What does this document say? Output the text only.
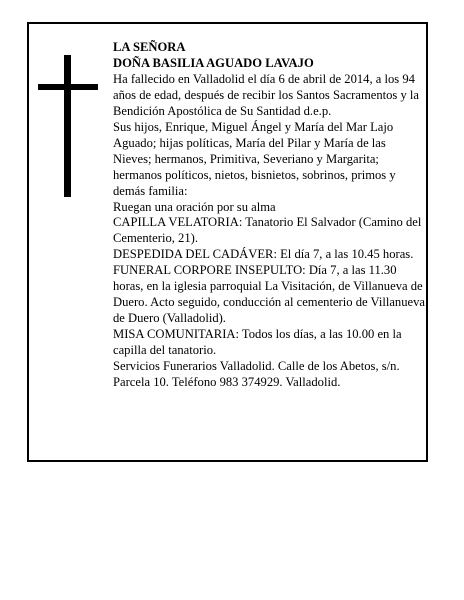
LA SEÑORA

DOÑA BASILIA AGUADO LAVAJO

Ha fallecido en Valladolid el día 6 de abril de 2014, a los 94 años de edad, después de recibir los Santos Sacramentos y la Bendición Apostólica de Su Santidad d.e.p.

Sus hijos, Enrique, Miguel Ángel y María del Mar Lajo Aguado; hijas políticas, María del Pilar y María de las Nieves; hermanos, Primitiva, Severiano y Margarita; hermanos políticos, nietos, bisnietos, sobrinos, primos y demás familia:

Ruegan una oración por su alma

CAPILLA VELATORIA: Tanatorio El Salvador (Camino del Cementerio, 21).

DESPEDIDA DEL CADÁVER: El día 7, a las 10.45 horas.

FUNERAL CORPORE INSEPULTO: Día 7, a las 11.30 horas, en la iglesia parroquial La Visitación, de Villanueva de Duero. Acto seguido, conducción al cementerio de Villanueva de Duero (Valladolid).

MISA COMUNITARIA: Todos los días, a las 10.00 en la capilla del tanatorio.

Servicios Funerarios Valladolid. Calle de los Abetos, s/n. Parcela 10. Teléfono 983 374929. Valladolid.
